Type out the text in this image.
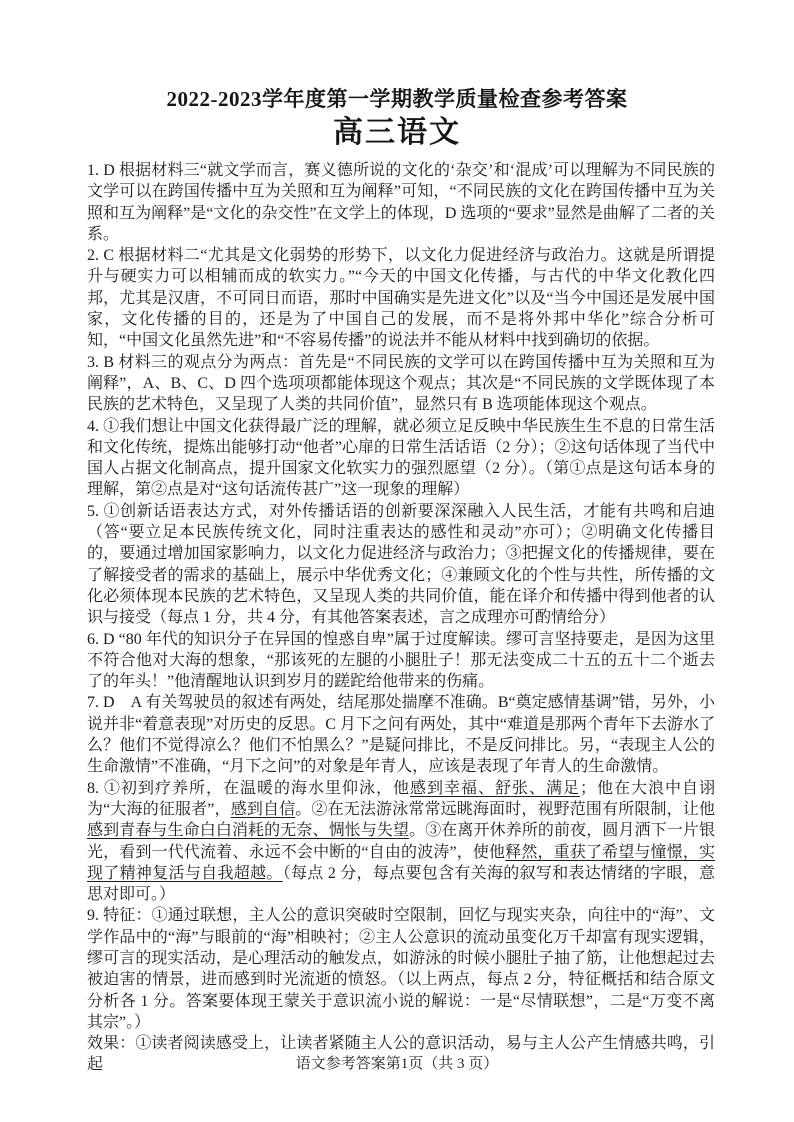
2022-2023学年度第一学期教学质量检查参考答案
高三语文

1. D 根据材料三“就文学而言，赛义德所说的文化的‘杂交’和‘混成’可以理解为不同民族的文学可以在跨国传播中互为关照和互为阐释”可知，“不同民族的文化在跨国传播中互为关照和互为阐释”是“文化的杂交性”在文学上的体现，D 选项的“要求”显然是曲解了二者的关系。

2. C 根据材料二“尤其是文化弱势的形势下，以文化力促进经济与政治力。这就是所谓提升与硬实力可以相辅而成的软实力。”“今天的中国文化传播，与古代的中华文化教化四邦，尤其是汉唐，不可同日而语，那时中国确实是先进文化”以及“当今中国还是发展中国家，文化传播的目的，还是为了中国自己的发展，而不是将外邦中华化”综合分析可知，“中国文化虽然先进”和“不容易传播”的说法并不能从材料中找到确切的依据。

3. B 材料三的观点分为两点：首先是“不同民族的文学可以在跨国传播中互为关照和互为阐释”，A、B、C、D 四个选项项都能体现这个观点；其次是“不同民族的文学既体现了本民族的艺术特色，又呈现了人类的共同价值”，显然只有 B 选项能体现这个观点。

4. ①我们想让中国文化获得最广泛的理解，就必须立足反映中华民族生生不息的日常生活和文化传统，提炼出能够打动“他者”心扉的日常生活话语（2 分）；②这句话体现了当代中国人占据文化制高点，提升国家文化软实力的强烈愿望（2 分）。（第①点是这句话本身的理解，第②点是对“这句话流传甚广”这一现象的理解）

5. ①创新话语表达方式，对外传播话语的创新要深深融入人民生活，才能有共鸣和启迪（答“要立足本民族传统文化，同时注重表达的感性和灵动”亦可）；②明确文化传播目的，要通过增加国家影响力，以文化力促进经济与政治力；③把握文化的传播规律，要在了解接受者的需求的基础上，展示中华优秀文化；④兼顾文化的个性与共性，所传播的文化必须体现本民族的艺术特色，又呈现人类的共同价值，能在译介和传播中得到他者的认识与接受（每点 1 分，共 4 分，有其他答案表述，言之成理亦可酌情给分）

6. D “80 年代的知识分子在异国的惶惑自卑”属于过度解读。缪可言坚持要走，是因为这里不符合他对大海的想象，“那该死的左腿的小腿肚子！那无法变成二十五的五十二个逝去了的年头！”他清醒地认识到岁月的蹉跎给他带来的伤痛。

7. D　A 有关驾驶员的叙述有两处，结尾那处揣摩不准确。B“奠定感情基调”错，另外，小说并非“着意表现”对历史的反思。C 月下之问有两处，其中“难道是那两个青年下去游水了么？他们不觉得凉么？他们不怕黑么？”是疑问排比，不是反问排比。另，“表现主人公的生命激情”不准确，“月下之问”的对象是年青人，应该是表现了年青人的生命激情。

8. ①初到疗养所，在温暖的海水里仰泳，他感到幸福、舒张、满足；他在大浪中自诩为“大海的征服者”，感到自信。②在无法游泳常常远眺海面时，视野范围有所限制，让他感到青春与生命白白消耗的无奈、惆怅与失望。③在离开休养所的前夜，圆月洒下一片银光，看到一代代流着、永远不会中断的“自由的波涛”，使他释然，重获了希望与憧憬，实现了精神复活与自我超越。（每点 2 分，每点要包含有关海的叙写和表达情绪的字眼，意思对即可。）

9. 特征：①通过联想，主人公的意识突破时空限制，回忆与现实夹杂，向往中的“海”、文学作品中的“海”与眼前的“海”相映衬；②主人公意识的流动虽变化万千却富有现实逻辑，缪可言的现实活动，是心理活动的触发点，如游泳的时候小腿肚子抽了筋，让他想起过去被迫害的情景，进而感到时光流逝的愤怒。（以上两点，每点 2 分，特征概括和结合原文分析各 1 分。答案要体现王蒙关于意识流小说的解说：一是“尽情联想”，二是“万变不离其宗”。）

效果：①读者阅读感受上，让读者紧随主人公的意识活动，易与主人公产生情感共鸣，引起	语文参考答案第1页（共 3 页）
